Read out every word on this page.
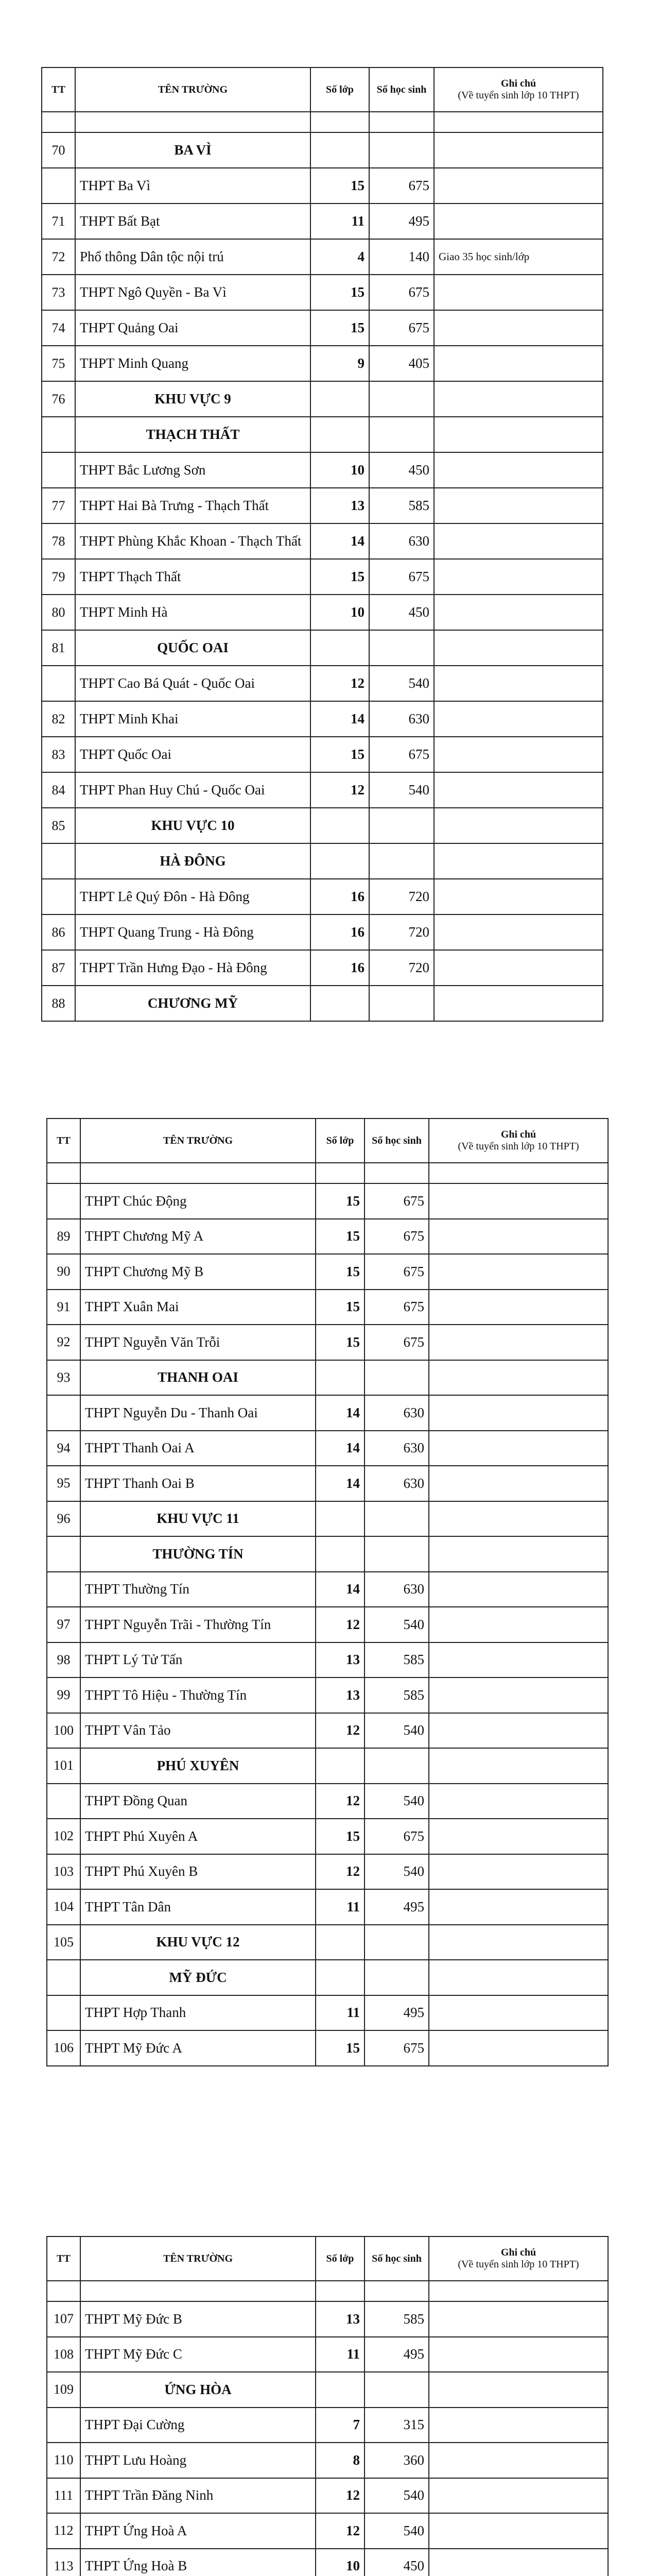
TT	TÊN TRƯỜNG	Số lớp	Số học sinh	Ghi chú
(Về tuyển sinh lớp 10 THPT)

70	BA VÌ			
	THPT Ba Vì	15	675	
71	THPT Bất Bạt	11	495	
72	Phổ thông Dân tộc nội trú	4	140	Giao 35 học sinh/lớp
73	THPT Ngô Quyền - Ba Vì	15	675	
74	THPT Quảng Oai	15	675	
75	THPT Minh Quang	9	405	
76	KHU VỰC 9			
	THẠCH THẤT			
	THPT Bắc Lương Sơn	10	450	
77	THPT Hai Bà Trưng - Thạch Thất	13	585	
78	THPT Phùng Khắc Khoan - Thạch Thất	14	630	
79	THPT Thạch Thất	15	675	
80	THPT Minh Hà	10	450	
81	QUỐC OAI			
	THPT Cao Bá Quát - Quốc Oai	12	540	
82	THPT Minh Khai	14	630	
83	THPT Quốc Oai	15	675	
84	THPT Phan Huy Chú - Quốc Oai	12	540	
85	KHU VỰC 10			
	HÀ ĐÔNG			
	THPT Lê Quý Đôn - Hà Đông	16	720	
86	THPT Quang Trung - Hà Đông	16	720	
87	THPT Trần Hưng Đạo - Hà Đông	16	720	
88	CHƯƠNG MỸ			
TT	TÊN TRƯỜNG	Số lớp	Số học sinh	Ghi chú
(Về tuyển sinh lớp 10 THPT)

	THPT Chúc Động	15	675	
89	THPT Chương Mỹ A	15	675	
90	THPT Chương Mỹ B	15	675	
91	THPT Xuân Mai	15	675	
92	THPT Nguyễn Văn Trỗi	15	675	
93	THANH OAI			
	THPT Nguyễn Du - Thanh Oai	14	630	
94	THPT Thanh Oai A	14	630	
95	THPT Thanh Oai B	14	630	
96	KHU VỰC 11			
	THƯỜNG TÍN			
	THPT Thường Tín	14	630	
97	THPT Nguyễn Trãi - Thường Tín	12	540	
98	THPT Lý Tử Tấn	13	585	
99	THPT Tô Hiệu - Thường Tín	13	585	
100	THPT Vân Tảo	12	540	
101	PHÚ XUYÊN			
	THPT Đồng Quan	12	540	
102	THPT Phú Xuyên A	15	675	
103	THPT Phú Xuyên B	12	540	
104	THPT Tân Dân	11	495	
105	KHU VỰC 12			
	MỸ ĐỨC			
	THPT Hợp Thanh	11	495	
106	THPT Mỹ Đức A	15	675	
TT	TÊN TRƯỜNG	Số lớp	Số học sinh	Ghi chú
(Về tuyển sinh lớp 10 THPT)

107	THPT Mỹ Đức B	13	585	
108	THPT Mỹ Đức C	11	495	
109	ỨNG HÒA			
	THPT Đại Cường	7	315	
110	THPT Lưu Hoàng	8	360	
111	THPT Trần Đăng Ninh	12	540	
112	THPT Ứng Hoà A	12	540	
113	THPT Ứng Hoà B	10	450	
